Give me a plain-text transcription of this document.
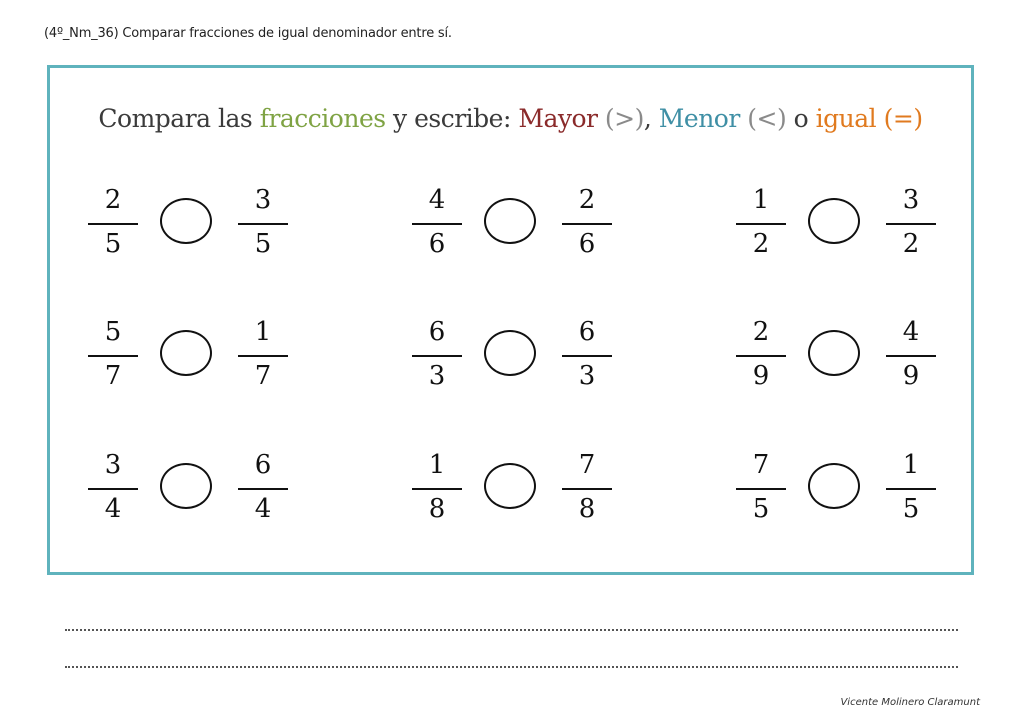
(4º_Nm_36) Comparar fracciones de igual denominador entre sí.
Compara las fracciones y escribe: Mayor (>), Menor (<) o igual (=)
2
5
3
5
4
6
2
6
1
2
3
2
5
7
1
7
6
3
6
3
2
9
4
9
3
4
6
4
1
8
7
8
7
5
1
5
Vicente Molinero Claramunt
